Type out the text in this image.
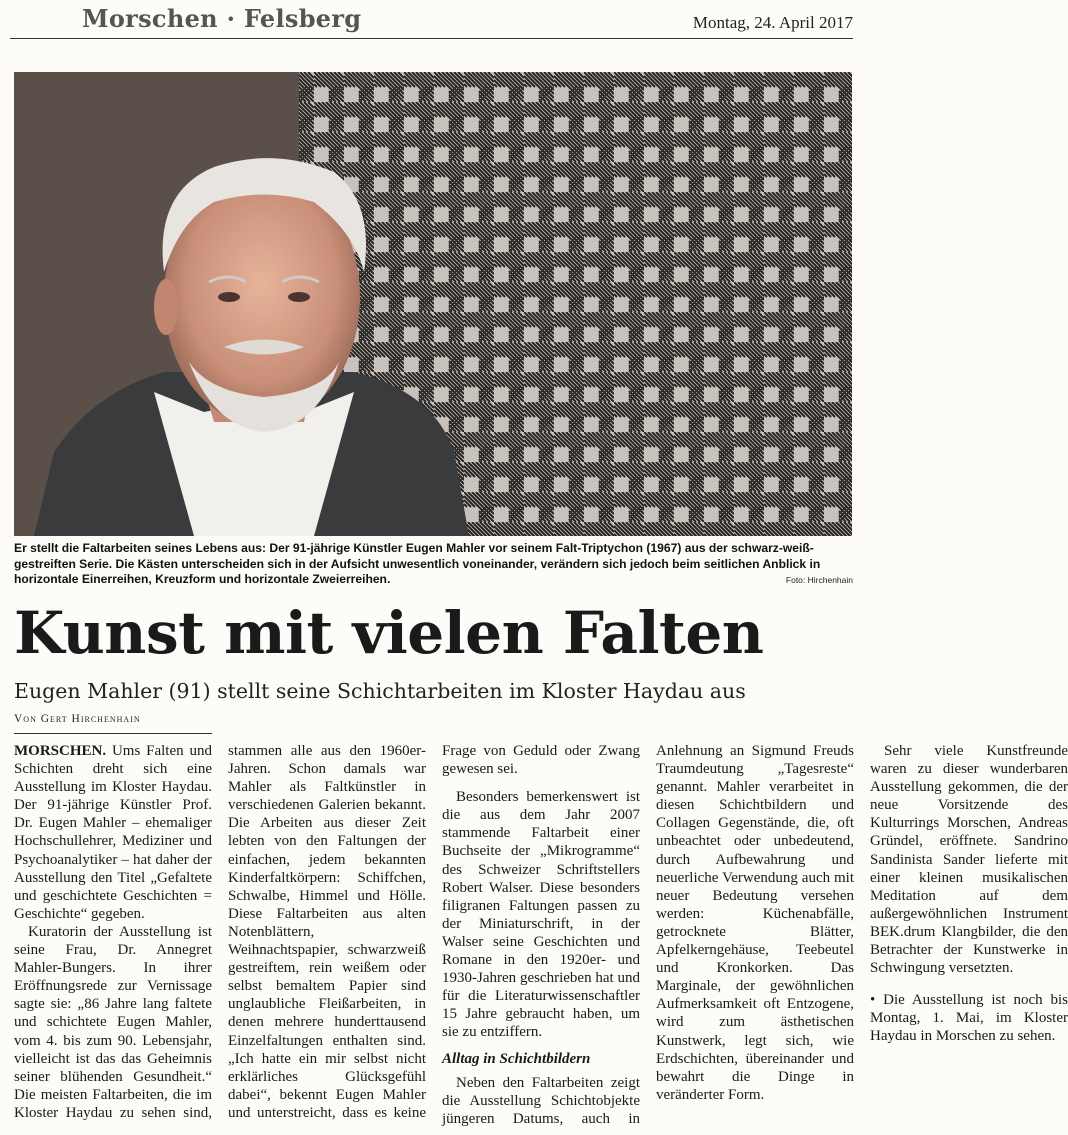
Morschen · Felsberg	Montag, 24. April 2017
Er stellt die Faltarbeiten seines Lebens aus: Der 91-jährige Künstler Eugen Mahler vor seinem Falt-Triptychon (1967) aus der schwarz-weiß-gestreiften Serie. Die Kästen unterscheiden sich in der Aufsicht unwesentlich voneinander, verändern sich jedoch beim seitlichen Anblick in horizontale Einerreihen, Kreuzform und horizontale Zweierreihen.	Foto: Hirchenhain
Kunst mit vielen Falten
Eugen Mahler (91) stellt seine Schichtarbeiten im Kloster Haydau aus
Von Gert Hirchenhain

MORSCHEN. Ums Falten und Schichten dreht sich eine Ausstellung im Kloster Haydau. Der 91-jährige Künstler Prof. Dr. Eugen Mahler – ehemaliger Hochschullehrer, Mediziner und Psychoanalytiker – hat daher der Ausstellung den Titel „Gefaltete und geschichtete Geschichten = Geschichte“ gegeben.

Kuratorin der Ausstellung ist seine Frau, Dr. Annegret Mahler-Bungers. In ihrer Eröffnungsrede zur Vernissage sagte sie: „86 Jahre lang faltete und schichtete Eugen Mahler, vom 4. bis zum 90. Lebensjahr, vielleicht ist das das Geheimnis seiner blühenden Gesundheit.“ Die meisten Faltarbeiten, die im Kloster Haydau zu sehen sind, stammen alle aus den 1960er-Jahren. Schon damals war Mahler als Faltkünstler in verschiedenen Galerien bekannt. Die Arbeiten aus dieser Zeit lebten von den Faltungen der einfachen, jedem bekannten Kinderfaltkörpern: Schiffchen, Schwalbe, Himmel und Hölle. Diese Faltarbeiten aus alten Notenblättern, Weihnachtspapier, schwarzweiß gestreiftem, rein weißem oder selbst bemaltem Papier sind unglaubliche Fleißarbeiten, in denen mehrere hunderttausend Einzelfaltungen enthalten sind. „Ich hatte ein mir selbst nicht erklärliches Glücksgefühl dabei“, bekennt Eugen Mahler und unterstreicht, dass es keine Frage von Geduld oder Zwang gewesen sei.

Besonders bemerkenswert ist die aus dem Jahr 2007 stammende Faltarbeit einer Buchseite der „Mikrogramme“ des Schweizer Schriftstellers Robert Walser. Diese besonders filigranen Faltungen passen zu der Miniaturschrift, in der Walser seine Geschichten und Romane in den 1920er- und 1930-Jahren geschrieben hat und für die Literaturwissenschaftler 15 Jahre gebraucht haben, um sie zu entziffern.

Alltag in Schichtbildern

Neben den Faltarbeiten zeigt die Ausstellung Schichtobjekte jüngeren Datums, auch in Anlehnung an Sigmund Freuds Traumdeutung „Tagesreste“ genannt. Mahler verarbeitet in diesen Schichtbildern und Collagen Gegenstände, die, oft unbeachtet oder unbedeutend, durch Aufbewahrung und neuerliche Verwendung auch mit neuer Bedeutung versehen werden: Küchenabfälle, getrocknete Blätter, Apfelkerngehäuse, Teebeutel und Kronkorken. Das Marginale, der gewöhnlichen Aufmerksamkeit oft Entzogene, wird zum ästhetischen Kunstwerk, legt sich, wie Erdschichten, übereinander und bewahrt die Dinge in veränderter Form.

Sehr viele Kunstfreunde waren zu dieser wunderbaren Ausstellung gekommen, die der neue Vorsitzende des Kulturrings Morschen, Andreas Gründel, eröffnete. Sandrino Sandinista Sander lieferte mit einer kleinen musikalischen Meditation auf dem außergewöhnlichen Instrument BEK.drum Klangbilder, die den Betrachter der Kunstwerke in Schwingung versetzten.

• Die Ausstellung ist noch bis Montag, 1. Mai, im Kloster Haydau in Morschen zu sehen.
